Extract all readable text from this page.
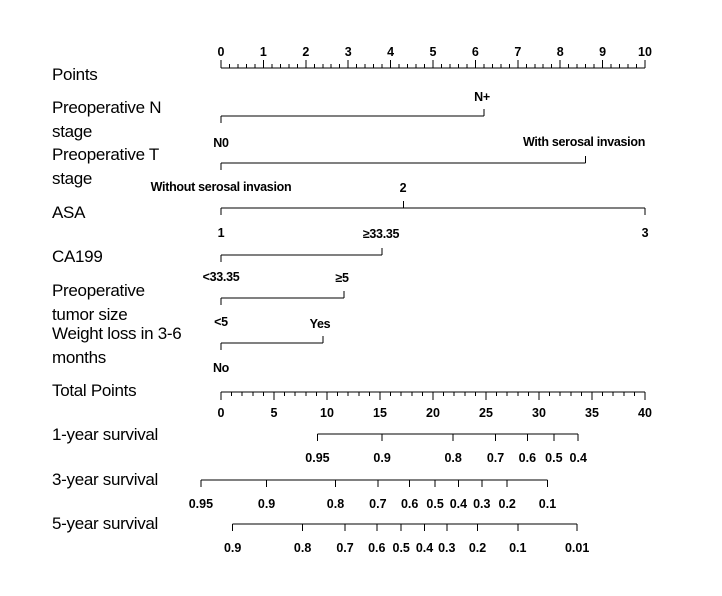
Points
0	1	2	3	4	5	6	7	8	9	10
Preoperative N
stage
N0
N+
Preoperative T
stage	Without serosal invasion
With serosal invasion
ASA
1
2
3
CA199
<33.35
≥33.35
Preoperative
tumor size	<5
≥5
Weight loss in 3-6
months
No
Yes
Total Points
0	5	10	15	20	25	30	35	40
1-year survival
0.95	0.9	0.8 0.7 0.6 0.5 0.4
3-year survival
0.95	0.9	0.8 0.7 0.6 0.5 0.4 0.3 0.2 0.1
5-year survival
0.9	0.8 0.7 0.6 0.5 0.4 0.3 0.2 0.1	0.01
